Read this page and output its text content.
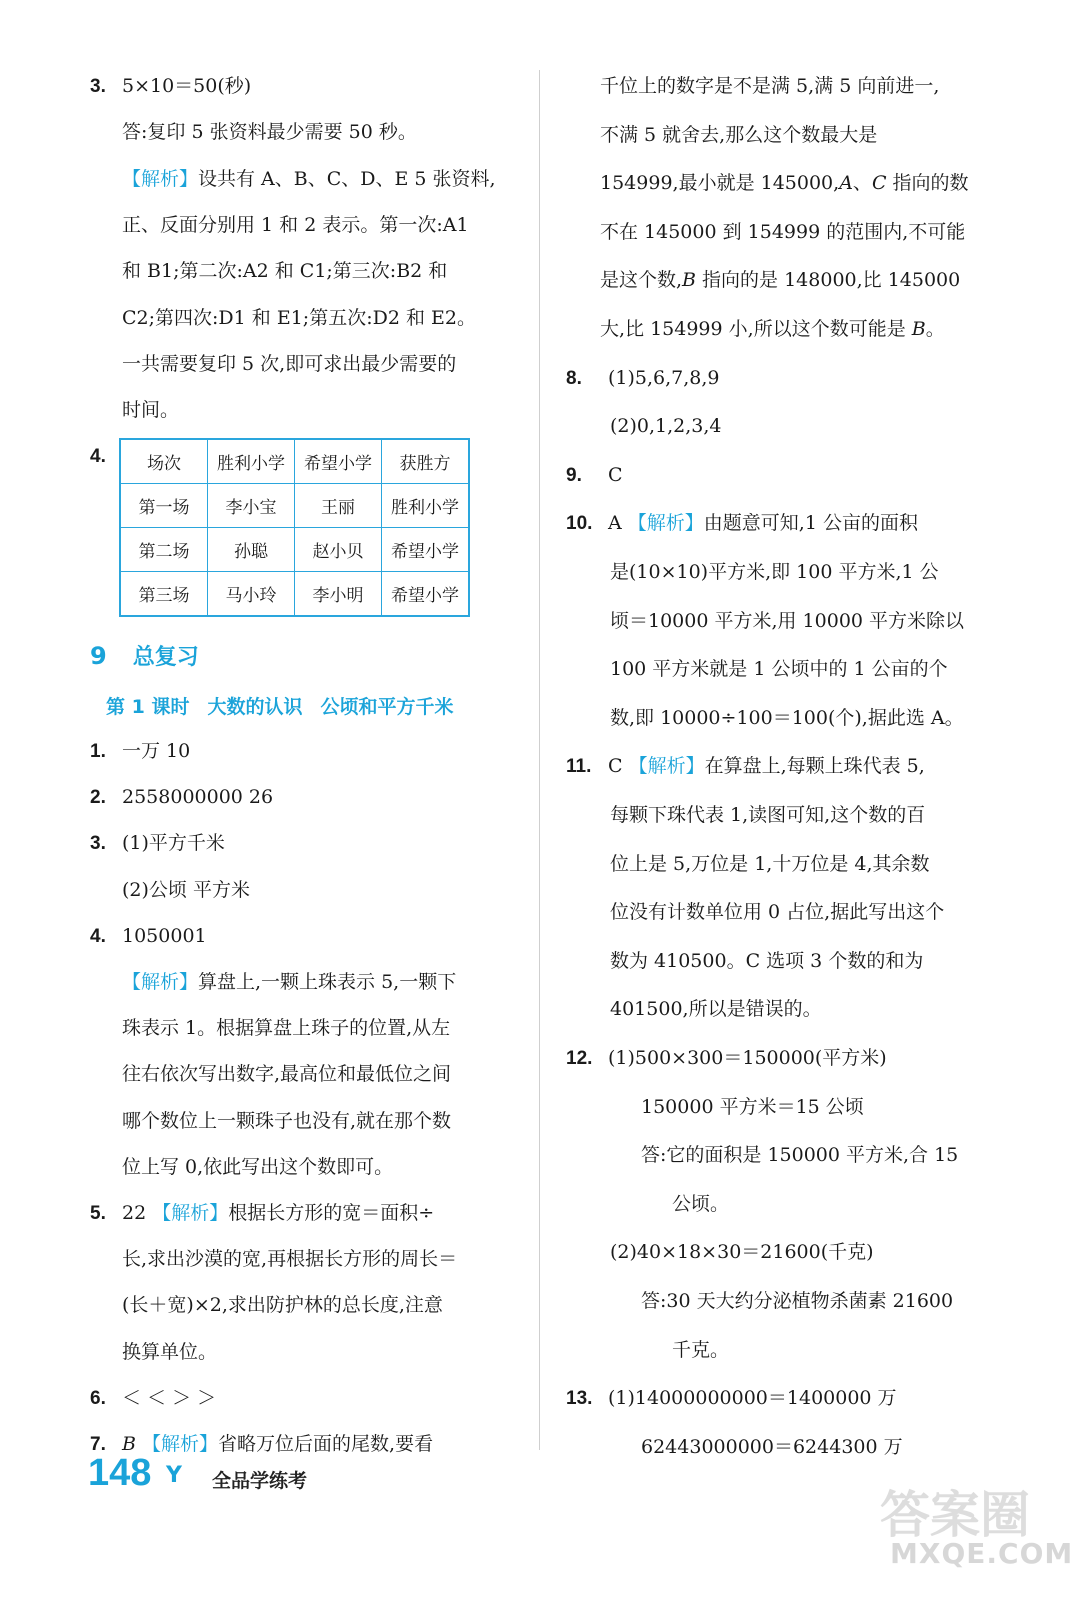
3. 5×10＝50(秒)
答:复印 5 张资料最少需要 50 秒。
【解析】设共有 A、B、C、D、E 5 张资料,
正、反面分别用 1 和 2 表示。第一次:A1
和 B1;第二次:A2 和 C1;第三次:B2 和
C2;第四次:D1 和 E1;第五次:D2 和 E2。
一共需要复印 5 次,即可求出最少需要的
时间。
4.	场次	胜利小学	希望小学	获胜方
第一场	李小宝	王丽	胜利小学
第二场	孙聪	赵小贝	希望小学
第三场	马小玲	李小明	希望小学
9 总复习
第 1 课时 大数的认识 公顷和平方千米
1. 一万 10
2. 2558000000 26
3. (1)平方千米
(2)公顷 平方米
4. 1050001
【解析】算盘上,一颗上珠表示 5,一颗下
珠表示 1。根据算盘上珠子的位置,从左
往右依次写出数字,最高位和最低位之间
哪个数位上一颗珠子也没有,就在那个数
位上写 0,依此写出这个数即可。
5. 22 【解析】根据长方形的宽＝面积÷
长,求出沙漠的宽,再根据长方形的周长＝
(长＋宽)×2,求出防护林的总长度,注意
换算单位。
6. ＜ ＜ ＞ ＞
7. B 【解析】省略万位后面的尾数,要看
千位上的数字是不是满 5,满 5 向前进一,
不满 5 就舍去,那么这个数最大是
154999,最小就是 145000,A、C 指向的数
不在 145000 到 154999 的范围内,不可能
是这个数,B 指向的是 148000,比 145000
大,比 154999 小,所以这个数可能是 B。
8. (1)5,6,7,8,9
(2)0,1,2,3,4
9. C
10. A 【解析】由题意可知,1 公亩的面积
是(10×10)平方米,即 100 平方米,1 公
顷＝10000 平方米,用 10000 平方米除以
100 平方米就是 1 公顷中的 1 公亩的个
数,即 10000÷100＝100(个),据此选 A。
11. C 【解析】在算盘上,每颗上珠代表 5,
每颗下珠代表 1,读图可知,这个数的百
位上是 5,万位是 1,十万位是 4,其余数
位没有计数单位用 0 占位,据此写出这个
数为 410500。C 选项 3 个数的和为
401500,所以是错误的。
12. (1)500×300＝150000(平方米)
150000 平方米＝15 公顷
答:它的面积是 150000 平方米,合 15
公顷。
(2)40×18×30＝21600(千克)
答:30 天大约分泌植物杀菌素 21600
千克。
13. (1)14000000000＝1400000 万
62443000000＝6244300 万
148 Y 全品学练考
答案圈
MXQE.COM
